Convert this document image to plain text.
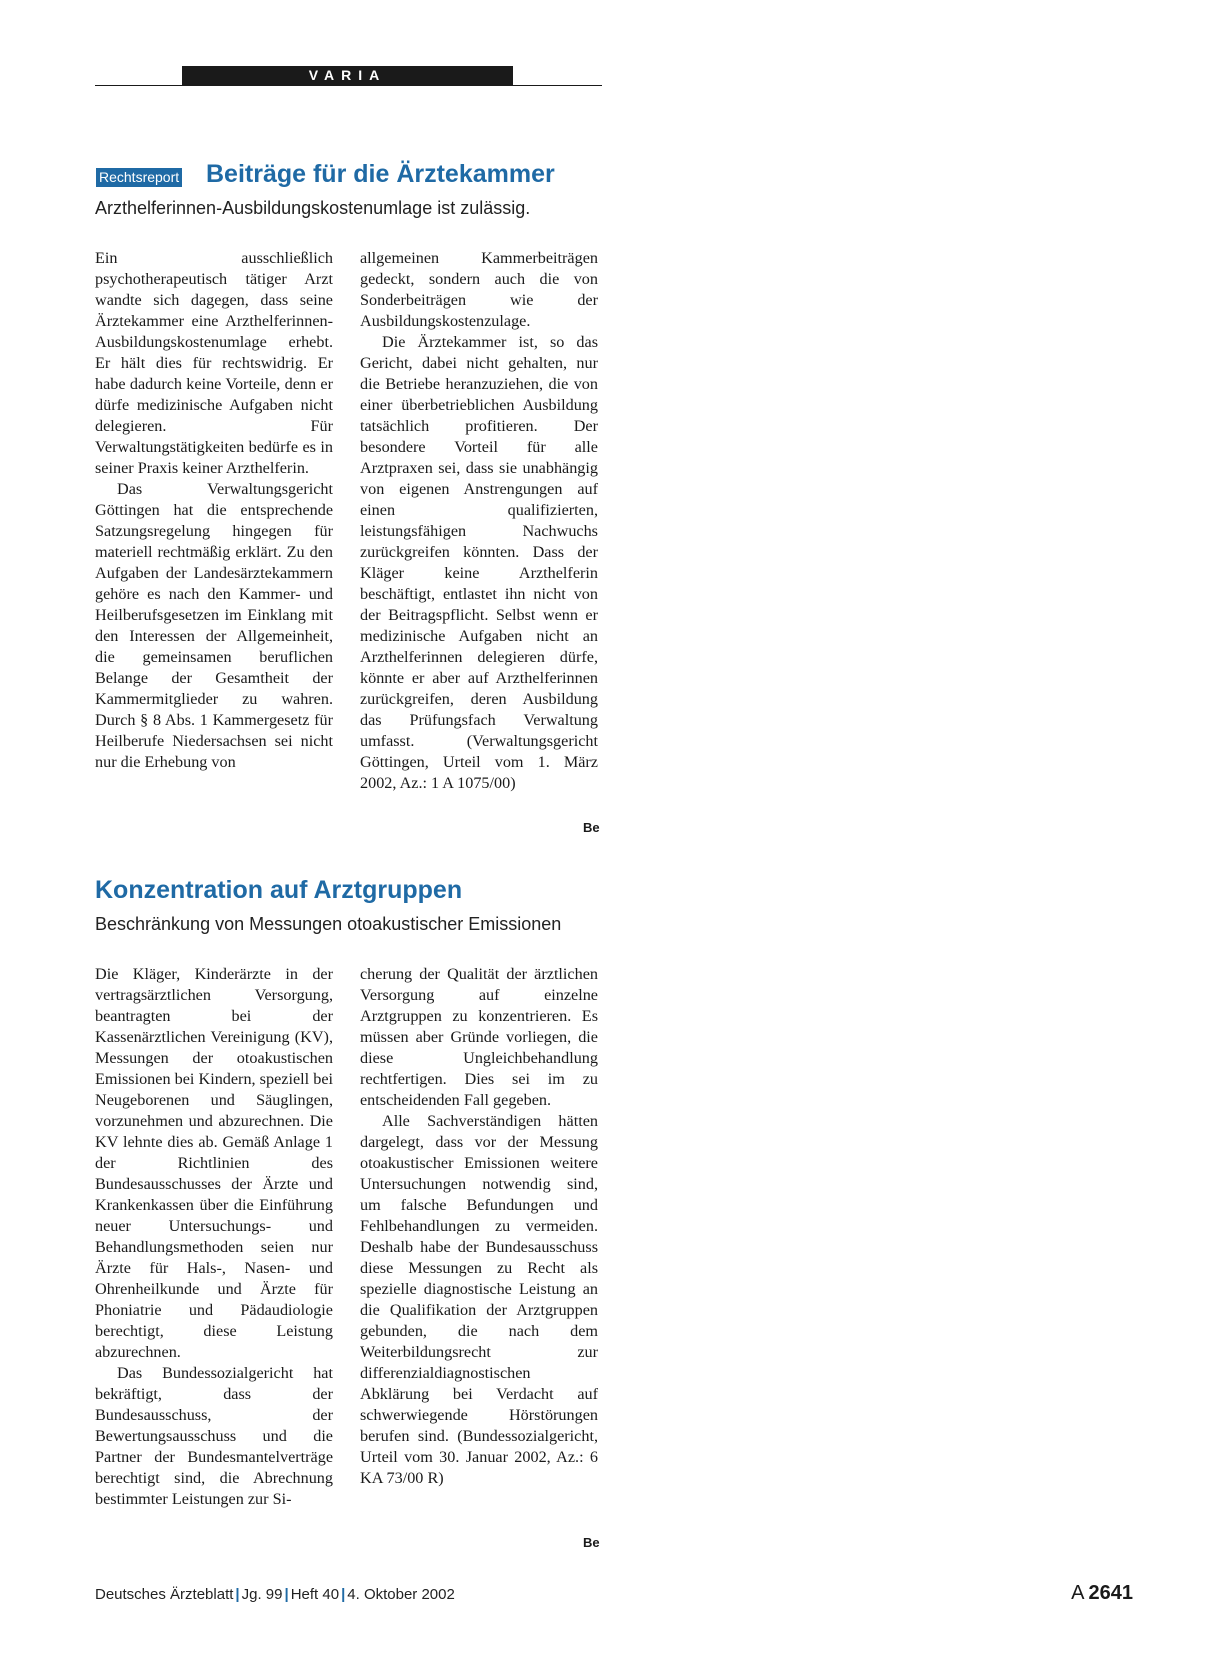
VARIA
Rechtsreport Beiträge für die Ärztekammer
Arzthelferinnen-Ausbildungskostenumlage ist zulässig.

Ein ausschließlich psychotherapeutisch tätiger Arzt wandte sich dagegen, dass seine Ärztekammer eine Arzthelferinnen-Ausbildungskostenumlage erhebt. Er hält dies für rechtswidrig. Er habe dadurch keine Vorteile, denn er dürfe medizinische Aufgaben nicht delegieren. Für Verwaltungstätigkeiten bedürfe es in seiner Praxis keiner Arzthelferin.

Das Verwaltungsgericht Göttingen hat die entsprechende Satzungsregelung hingegen für materiell rechtmäßig erklärt. Zu den Aufgaben der Landesärztekammern gehöre es nach den Kammer- und Heilberufsgesetzen im Einklang mit den Interessen der Allgemeinheit, die gemeinsamen beruflichen Belange der Gesamtheit der Kammermitglieder zu wahren. Durch § 8 Abs. 1 Kammergesetz für Heilberufe Niedersachsen sei nicht nur die Erhebung von

allgemeinen Kammerbeiträgen gedeckt, sondern auch die von Sonderbeiträgen wie der Ausbildungskostenzulage.

Die Ärztekammer ist, so das Gericht, dabei nicht gehalten, nur die Betriebe heranzuziehen, die von einer überbetrieblichen Ausbildung tatsächlich profitieren. Der besondere Vorteil für alle Arztpraxen sei, dass sie unabhängig von eigenen Anstrengungen auf einen qualifizierten, leistungsfähigen Nachwuchs zurückgreifen könnten. Dass der Kläger keine Arzthelferin beschäftigt, entlastet ihn nicht von der Beitragspflicht. Selbst wenn er medizinische Aufgaben nicht an Arzthelferinnen delegieren dürfe, könnte er aber auf Arzthelferinnen zurückgreifen, deren Ausbildung das Prüfungsfach Verwaltung umfasst. (Verwaltungsgericht Göttingen, Urteil vom 1. März 2002, Az.: 1 A 1075/00)

Be
Konzentration auf Arztgruppen
Beschränkung von Messungen otoakustischer Emissionen

Die Kläger, Kinderärzte in der vertragsärztlichen Versorgung, beantragten bei der Kassenärztlichen Vereinigung (KV), Messungen der otoakustischen Emissionen bei Kindern, speziell bei Neugeborenen und Säuglingen, vorzunehmen und abzurechnen. Die KV lehnte dies ab. Gemäß Anlage 1 der Richtlinien des Bundesausschusses der Ärzte und Krankenkassen über die Einführung neuer Untersuchungs- und Behandlungsmethoden seien nur Ärzte für Hals-, Nasen- und Ohrenheilkunde und Ärzte für Phoniatrie und Pädaudiologie berechtigt, diese Leistung abzurechnen.

Das Bundessozialgericht hat bekräftigt, dass der Bundesausschuss, der Bewertungsausschuss und die Partner der Bundesmantelverträge berechtigt sind, die Abrechnung bestimmter Leistungen zur Si-

cherung der Qualität der ärztlichen Versorgung auf einzelne Arztgruppen zu konzentrieren. Es müssen aber Gründe vorliegen, die diese Ungleichbehandlung rechtfertigen. Dies sei im zu entscheidenden Fall gegeben.

Alle Sachverständigen hätten dargelegt, dass vor der Messung otoakustischer Emissionen weitere Untersuchungen notwendig sind, um falsche Befundungen und Fehlbehandlungen zu vermeiden. Deshalb habe der Bundesausschuss diese Messungen zu Recht als spezielle diagnostische Leistung an die Qualifikation der Arztgruppen gebunden, die nach dem Weiterbildungsrecht zur differenzialdiagnostischen Abklärung bei Verdacht auf schwerwiegende Hörstörungen berufen sind. (Bundessozialgericht, Urteil vom 30. Januar 2002, Az.: 6 KA 73/00 R)

Be
Deutsches Ärzteblatt | Jg. 99 | Heft 40 | 4. Oktober 2002	A  2641
